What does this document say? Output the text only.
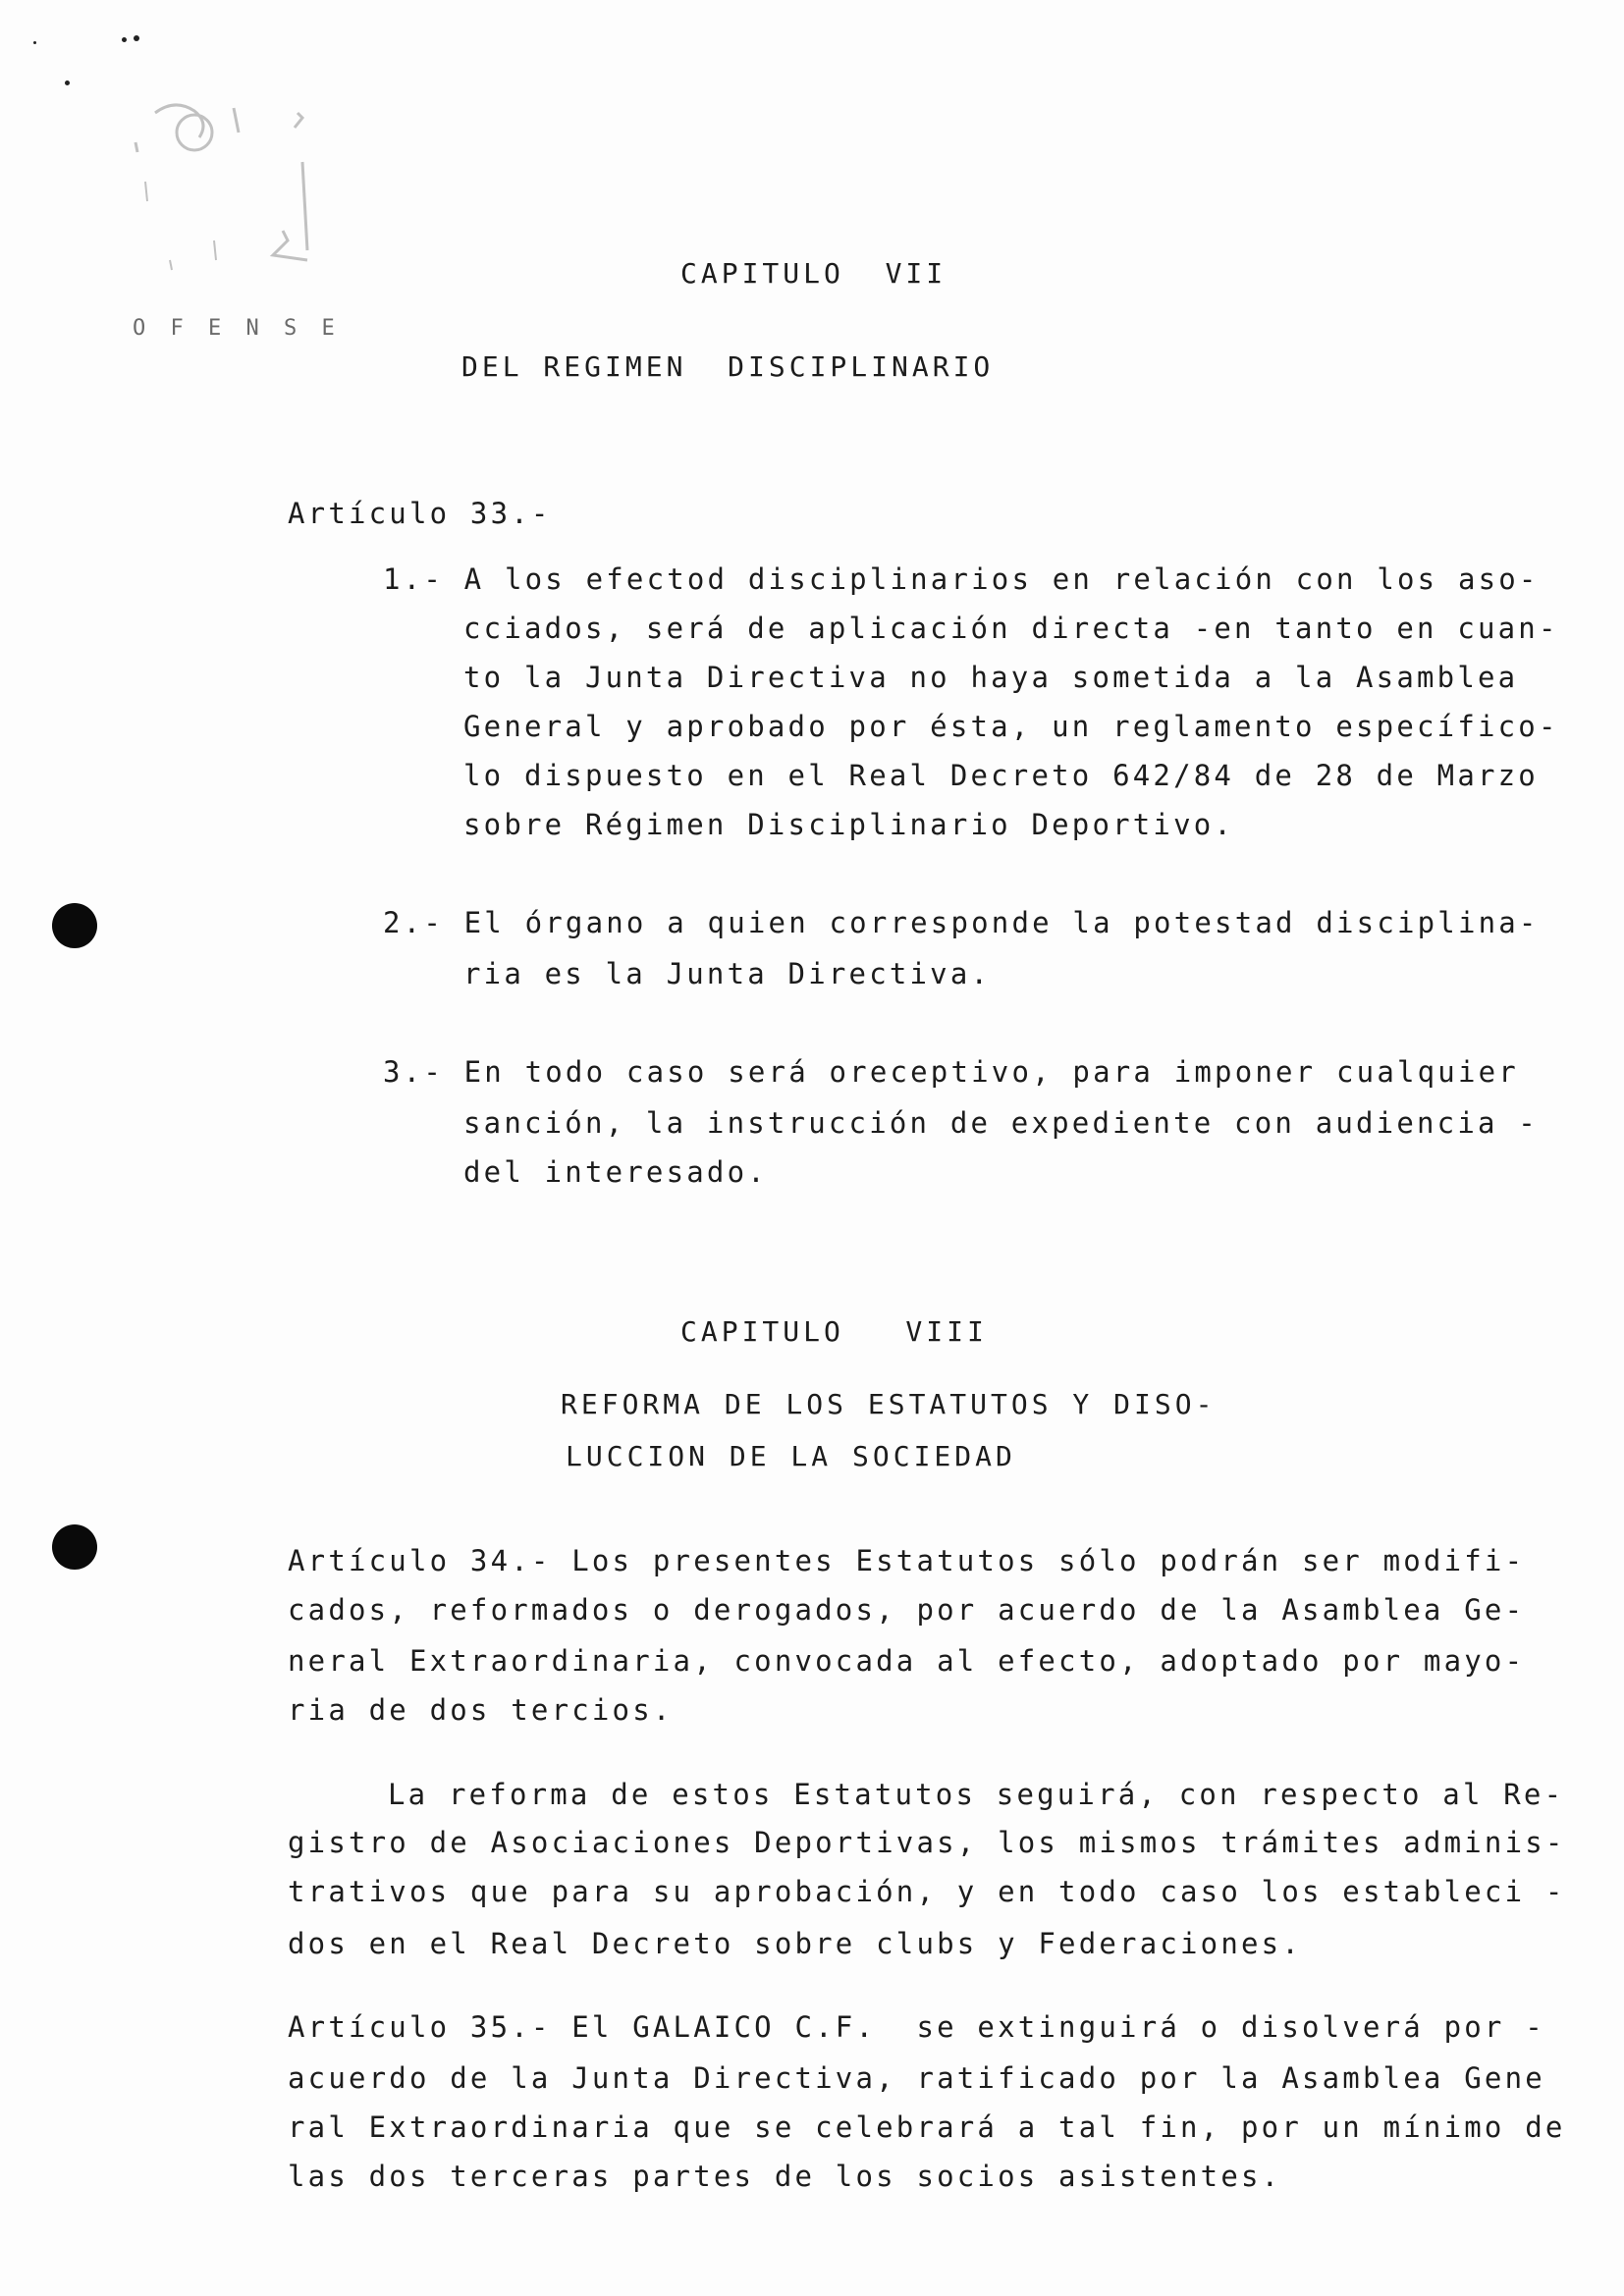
O F E N S E
CAPITULO  VII
DEL REGIMEN  DISCIPLINARIO
Artículo 33.-
1.- A los efectod disciplinarios en relación con los aso-
cciados, será de aplicación directa -en tanto en cuan-
to la Junta Directiva no haya sometida a la Asamblea
General y aprobado por ésta, un reglamento específico-
lo dispuesto en el Real Decreto 642/84 de 28 de Marzo
sobre Régimen Disciplinario Deportivo.
2.- El órgano a quien corresponde la potestad disciplina-
ria es la Junta Directiva.
3.- En todo caso será oreceptivo, para imponer cualquier
sanción, la instrucción de expediente con audiencia -
del interesado.
CAPITULO   VIII
REFORMA DE LOS ESTATUTOS Y DISO-
LUCCION DE LA SOCIEDAD
Artículo 34.- Los presentes Estatutos sólo podrán ser modifi-
cados, reformados o derogados, por acuerdo de la Asamblea Ge-
neral Extraordinaria, convocada al efecto, adoptado por mayo-
ria de dos tercios.
La reforma de estos Estatutos seguirá, con respecto al Re-
gistro de Asociaciones Deportivas, los mismos trámites adminis-
trativos que para su aprobación, y en todo caso los estableci -
dos en el Real Decreto sobre clubs y Federaciones.
Artículo 35.- El GALAICO C.F.  se extinguirá o disolverá por -
acuerdo de la Junta Directiva, ratificado por la Asamblea Gene
ral Extraordinaria que se celebrará a tal fin, por un mínimo de
las dos terceras partes de los socios asistentes.
